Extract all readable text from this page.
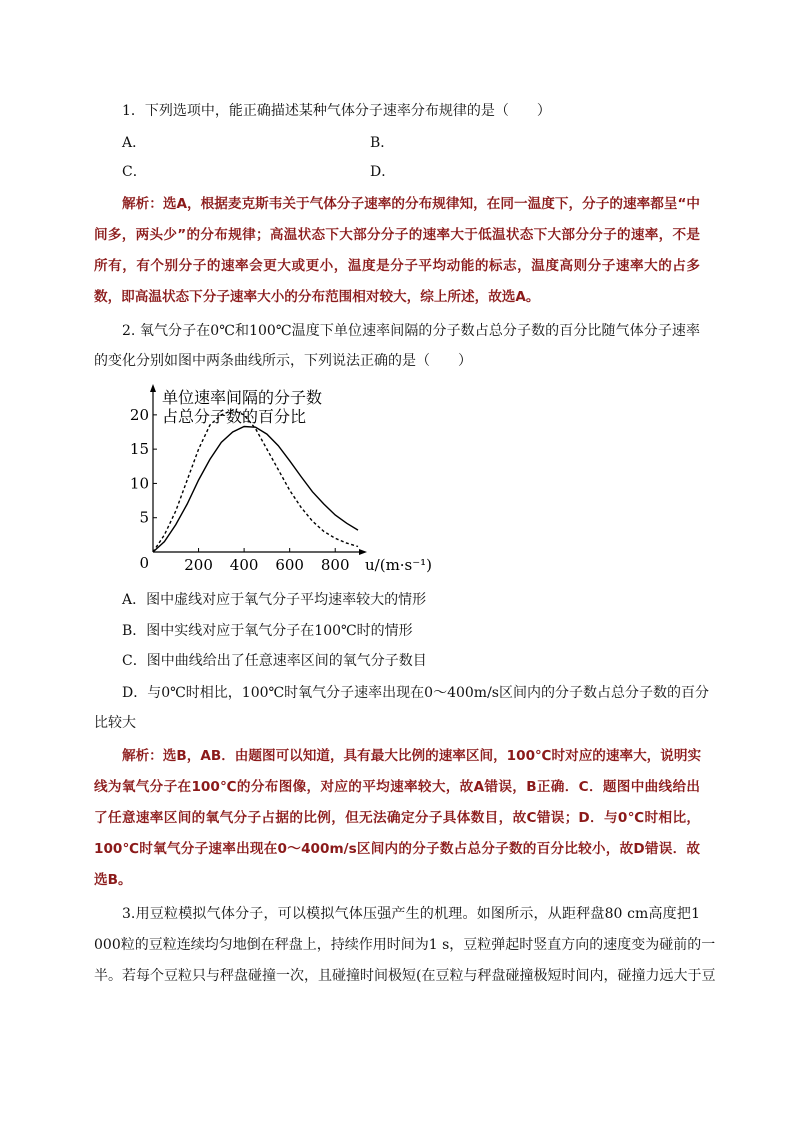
1．下列选项中，能正确描述某种气体分子速率分布规律的是（　　）
A．	B．
C．	D．
解析：选A，根据麦克斯韦关于气体分子速率的分布规律知，在同一温度下，分子的速率都呈“中
间多，两头少”的分布规律；高温状态下大部分分子的速率大于低温状态下大部分分子的速率，不是
所有，有个别分子的速率会更大或更小，温度是分子平均动能的标志，温度高则分子速率大的占多
数，即高温状态下分子速率大小的分布范围相对较大，综上所述，故选A。
2. 氧气分子在0℃和100℃温度下单位速率间隔的分子数占总分子数的百分比随气体分子速率
的变化分别如图中两条曲线所示，下列说法正确的是（　　）
单位速率间隔的分子数
占总分子数的百分比
200 400 600 800
5
10
15
20
0	u/(m·s⁻¹)
A．图中虚线对应于氧气分子平均速率较大的情形
B．图中实线对应于氧气分子在100℃时的情形
C．图中曲线给出了任意速率区间的氧气分子数目
D．与0℃时相比，100℃时氧气分子速率出现在0～400m/s区间内的分子数占总分子数的百分
比较大
解析：选B，AB．由题图可以知道，具有最大比例的速率区间，100℃时对应的速率大，说明实
线为氧气分子在100℃的分布图像，对应的平均速率较大，故A错误，B正确．C．题图中曲线给出
了任意速率区间的氧气分子占据的比例，但无法确定分子具体数目，故C错误；D．与0℃时相比，
100℃时氧气分子速率出现在0～400m/s区间内的分子数占总分子数的百分比较小，故D错误．故
选B。
3.用豆粒模拟气体分子，可以模拟气体压强产生的机理。如图所示，从距秤盘80 cm高度把1
000粒的豆粒连续均匀地倒在秤盘上，持续作用时间为1 s，豆粒弹起时竖直方向的速度变为碰前的一
半。若每个豆粒只与秤盘碰撞一次，且碰撞时间极短(在豆粒与秤盘碰撞极短时间内，碰撞力远大于豆
